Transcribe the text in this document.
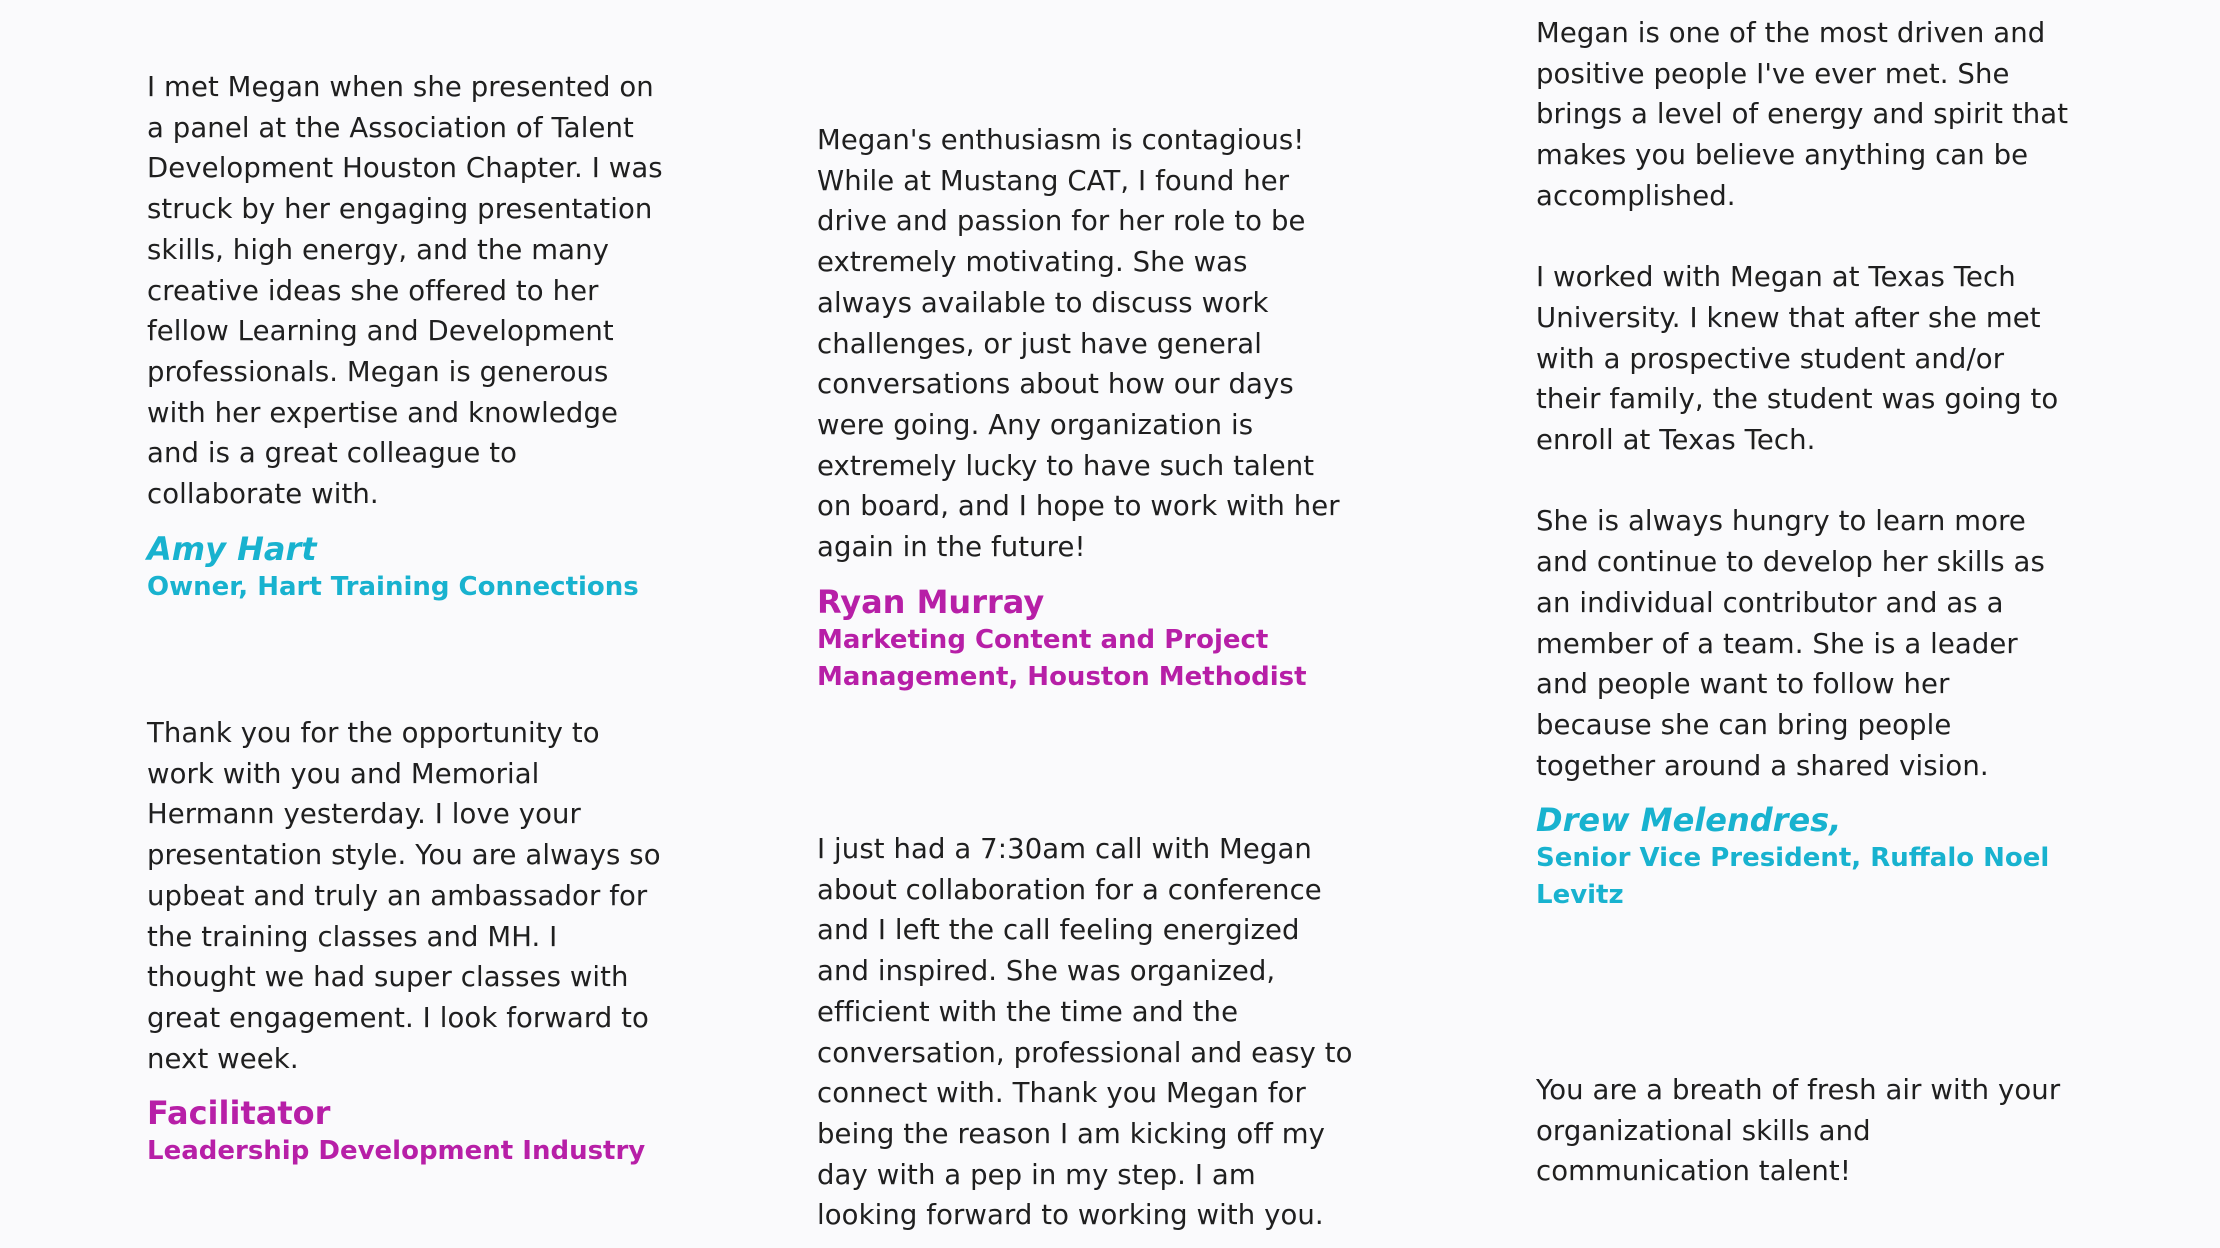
I met Megan when she presented on
a panel at the Association of Talent
Development Houston Chapter. I was
struck by her engaging presentation
skills, high energy, and the many
creative ideas she offered to her
fellow Learning and Development
professionals. Megan is generous
with her expertise and knowledge
and is a great colleague to
collaborate with.

Amy Hart

Owner, Hart Training Connections

Thank you for the opportunity to
work with you and Memorial
Hermann yesterday. I love your
presentation style. You are always so
upbeat and truly an ambassador for
the training classes and MH. I
thought we had super classes with
great engagement. I look forward to
next week.

Facilitator

Leadership Development Industry

Megan's enthusiasm is contagious!
While at Mustang CAT, I found her
drive and passion for her role to be
extremely motivating. She was
always available to discuss work
challenges, or just have general
conversations about how our days
were going. Any organization is
extremely lucky to have such talent
on board, and I hope to work with her
again in the future!

Ryan Murray

Marketing Content and Project
Management, Houston Methodist

I just had a 7:30am call with Megan
about collaboration for a conference
and I left the call feeling energized
and inspired. She was organized,
efficient with the time and the
conversation, professional and easy to
connect with. Thank you Megan for
being the reason I am kicking off my
day with a pep in my step. I am
looking forward to working with you.

Megan is one of the most driven and
positive people I've ever met. She
brings a level of energy and spirit that
makes you believe anything can be
accomplished.

I worked with Megan at Texas Tech
University. I knew that after she met
with a prospective student and/or
their family, the student was going to
enroll at Texas Tech.

She is always hungry to learn more
and continue to develop her skills as
an individual contributor and as a
member of a team. She is a leader
and people want to follow her
because she can bring people
together around a shared vision.

Drew Melendres,

Senior Vice President, Ruffalo Noel
Levitz

You are a breath of fresh air with your
organizational skills and
communication talent!
